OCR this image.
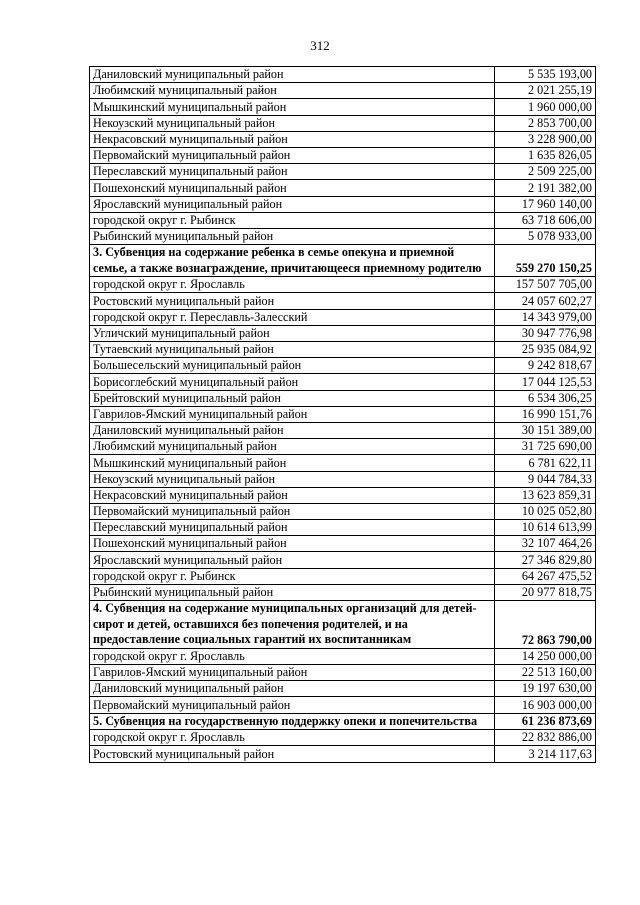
312
Даниловский муниципальный район	5 535 193,00
Любимский муниципальный район	2 021 255,19
Мышкинский муниципальный район	1 960 000,00
Некоузский муниципальный район	2 853 700,00
Некрасовский муниципальный район	3 228 900,00
Первомайский муниципальный район	1 635 826,05
Переславский муниципальный район	2 509 225,00
Пошехонский муниципальный район	2 191 382,00
Ярославский муниципальный район	17 960 140,00
городской округ г. Рыбинск	63 718 606,00
Рыбинский муниципальный район	5 078 933,00
3. Субвенция на содержание ребенка в семье опекуна и приемной семье, а также вознаграждение, причитающееся приемному родителю	559 270 150,25
городской округ г. Ярославль	157 507 705,00
Ростовский муниципальный район	24 057 602,27
городской округ г. Переславль-Залесский	14 343 979,00
Угличский муниципальный район	30 947 776,98
Тутаевский муниципальный район	25 935 084,92
Большесельский муниципальный район	9 242 818,67
Борисоглебский муниципальный район	17 044 125,53
Брейтовский муниципальный район	6 534 306,25
Гаврилов-Ямский муниципальный район	16 990 151,76
Даниловский муниципальный район	30 151 389,00
Любимский муниципальный район	31 725 690,00
Мышкинский муниципальный район	6 781 622,11
Некоузский муниципальный район	9 044 784,33
Некрасовский муниципальный район	13 623 859,31
Первомайский муниципальный район	10 025 052,80
Переславский муниципальный район	10 614 613,99
Пошехонский муниципальный район	32 107 464,26
Ярославский муниципальный район	27 346 829,80
городской округ г. Рыбинск	64 267 475,52
Рыбинский муниципальный район	20 977 818,75
4. Субвенция на содержание муниципальных организаций для детей-сирот и детей, оставшихся без попечения родителей, и на предоставление социальных гарантий их воспитанникам	72 863 790,00
городской округ г. Ярославль	14 250 000,00
Гаврилов-Ямский муниципальный район	22 513 160,00
Даниловский муниципальный район	19 197 630,00
Первомайский муниципальный район	16 903 000,00
5. Субвенция на государственную поддержку опеки и попечительства	61 236 873,69
городской округ г. Ярославль	22 832 886,00
Ростовский муниципальный район	3 214 117,63
